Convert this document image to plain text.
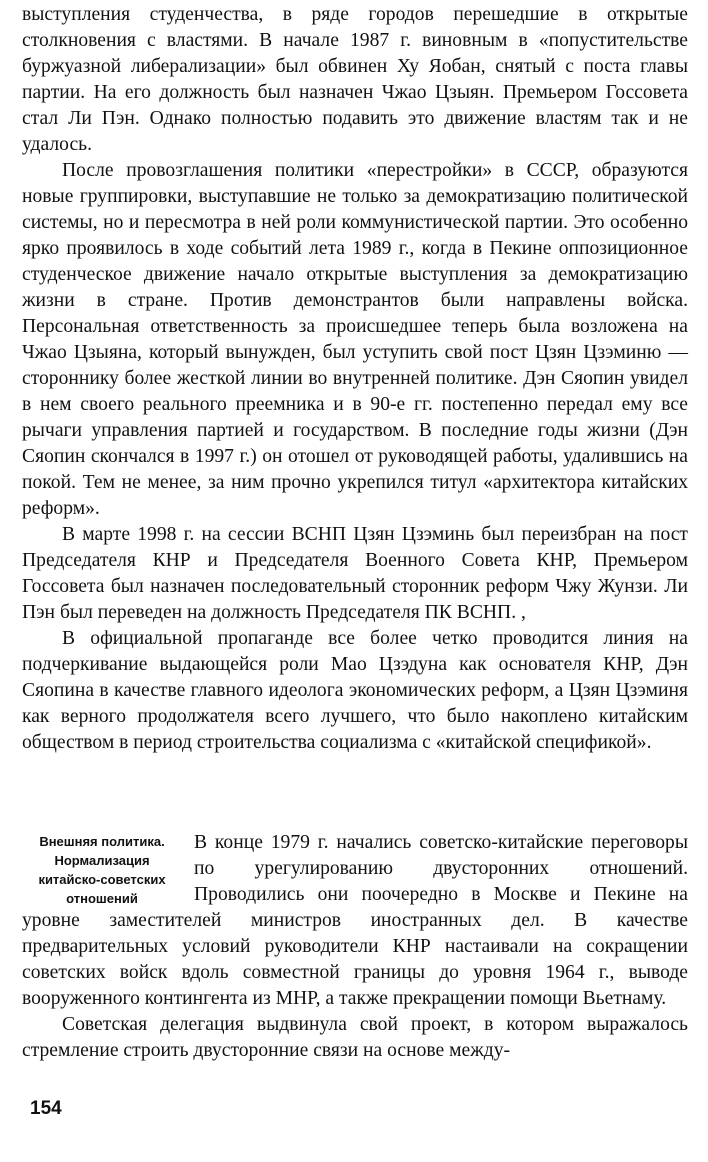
выступления студенчества, в ряде городов перешедшие в открытые столкновения с властями. В начале 1987 г. виновным в «попустительстве буржуазной либерализации» был обвинен Ху Яобан, снятый с поста главы партии. На его должность был назначен Чжао Цзыян. Премьером Госсовета стал Ли Пэн. Однако полностью подавить это движение властям так и не удалось.

После провозглашения политики «перестройки» в СССР, образуются новые группировки, выступавшие не только за демократизацию политической системы, но и пересмотра в ней роли коммунистической партии. Это особенно ярко проявилось в ходе событий лета 1989 г., когда в Пекине оппозиционное студенческое движение начало открытые выступления за демократизацию жизни в стране. Против демонстрантов были направлены войска. Персональная ответственность за происшедшее теперь была возложена на Чжао Цзыяна, который вынужден, был уступить свой пост Цзян Цзэминю — стороннику более жесткой линии во внутренней политике. Дэн Сяопин увидел в нем своего реального преемника и в 90-е гг. постепенно передал ему все рычаги управления партией и государством. В последние годы жизни (Дэн Сяопин скончался в 1997 г.) он отошел от руководящей работы, удалившись на покой. Тем не менее, за ним прочно укрепился титул «архитектора китайских реформ».

В марте 1998 г. на сессии ВСНП Цзян Цзэминь был переизбран на пост Председателя КНР и Председателя Военного Совета КНР, Премьером Госсовета был назначен последовательный сторонник реформ Чжу Жунзи. Ли Пэн был переведен на должность Председателя ПК ВСНП. ,

В официальной пропаганде все более четко проводится линия на подчеркивание выдающейся роли Мао Цзэдуна как основателя КНР, Дэн Сяопина в качестве главного идеолога экономических реформ, а Цзян Цзэминя как верного продолжателя всего лучшего, что было накоплено китайским обществом в период строительства социализма с «китайской спецификой».

Внешняя политика. Нормализация китайско-советских отношений

В конце 1979 г. начались советско-китайские переговоры по урегулированию двусторонних отношений. Проводились они поочередно в Москве и Пекине на уровне заместителей министров иностранных дел. В качестве предварительных условий руководители КНР настаивали на сокращении советских войск вдоль совместной границы до уровня 1964 г., выводе вооруженного контингента из МНР, а также прекращении помощи Вьетнаму.

Советская делегация выдвинула свой проект, в котором выражалось стремление строить двусторонние связи на основе между-

154
